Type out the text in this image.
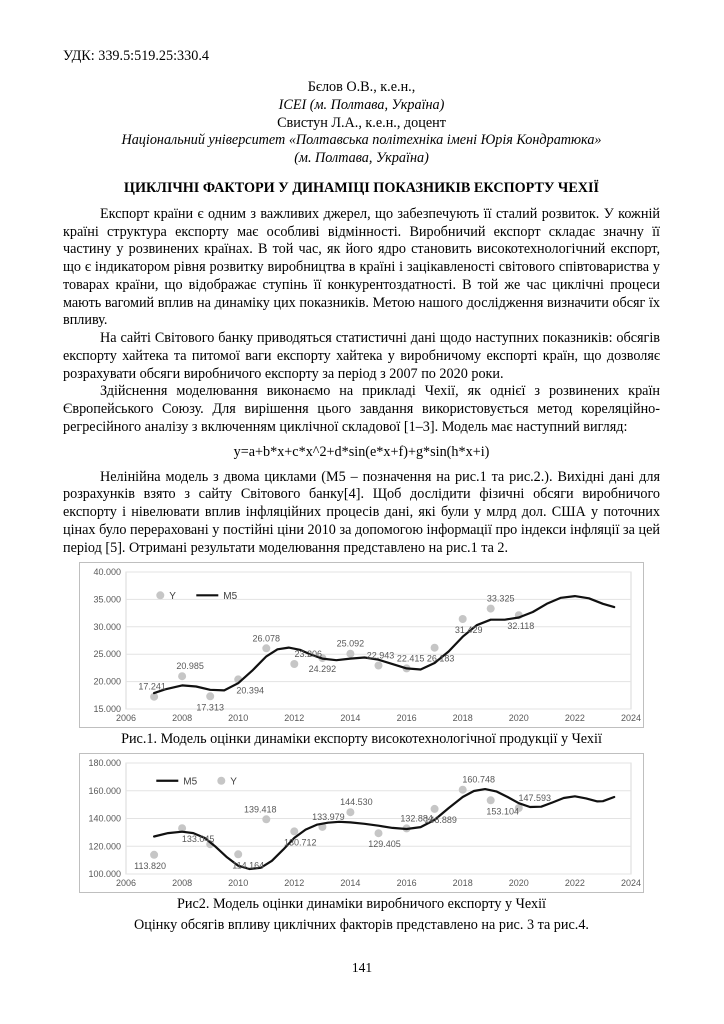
УДК: 339.5:519.25:330.4
Бєлов О.В., к.е.н.,
ІСЕІ (м. Полтава, Україна)
Свистун Л.А., к.е.н., доцент
Національний університет «Полтавська політехніка імені Юрія Кондратюка»
(м. Полтава, Україна)
ЦИКЛІЧНІ ФАКТОРИ У ДИНАМІЦІ ПОКАЗНИКІВ ЕКСПОРТУ ЧЕХІЇ

Експорт країни є одним з важливих джерел, що забезпечують її сталий розвиток. У кожній країні структура експорту має особливі відмінності. Виробничий експорт складає значну її частину у розвинених країнах. В той час, як його ядро становить високотехнологічний експорт, що є індикатором рівня розвитку виробництва в країні і зацікавленості світового співтовариства у товарах країни, що відображає ступінь її конкурентоздатності. В той же час циклічні процеси мають вагомий вплив на динаміку цих показників. Метою нашого дослідження визначити обсяг їх впливу.

На сайті Світового банку приводяться статистичні дані щодо наступних показників: обсягів експорту хайтека та питомої ваги експорту хайтека у виробничому експорті країн, що дозволяє розрахувати обсяги виробничого експорту за період з 2007 по 2020 роки.

Здійснення моделювання виконаємо на прикладі Чехії, як однієї з розвинених країн Європейського Союзу. Для вирішення цього завдання використовується метод кореляційно-регресійного аналізу з включенням циклічної складової [1–3]. Модель має наступний вигляд:

y=a+b*x+c*x^2+d*sin(e*x+f)+g*sin(h*x+i)

Нелінійна модель з двома циклами (М5 – позначення на рис.1 та рис.2.). Вихідні дані для розрахунків взято з сайту Світового банку[4]. Щоб дослідити фізичні обсяги виробничого експорту і нівелювати вплив інфляційних процесів дані, які були у млрд дол. США у поточних цінах було перераховані у постійні ціни 2010 за допомогою інформації про індекси інфляції за цей період [5]. Отримані результати моделювання представлено на рис.1 та 2.

15.000
20.000
25.000
30.000
35.000
40.000
2006	2008	2010	2012	2014	2016	2018	2020	2022	2024
17.241
20.985
17.313
20.394
26.078
23.206
24.292
25.092
22.943 22.415 26.183
31.429
33.325
32.118
Y	M5
Рис.1. Модель оцінки динаміки експорту високотехнологічної продукції у Чехії
100.000
120.000
140.000
160.000
180.000
2006	2008	2010	2012	2014	2016	2018	2020	2022	2024
113.820
133.045
114.164
139.418
130.712
133.979
144.530
129.405
132.884
146.889
160.748
153.104
147.593
M5	Y
Рис2. Модель оцінки динаміки виробничого експорту у Чехії
Оцінку обсягів впливу циклічних факторів представлено на рис. 3 та рис.4.
141
